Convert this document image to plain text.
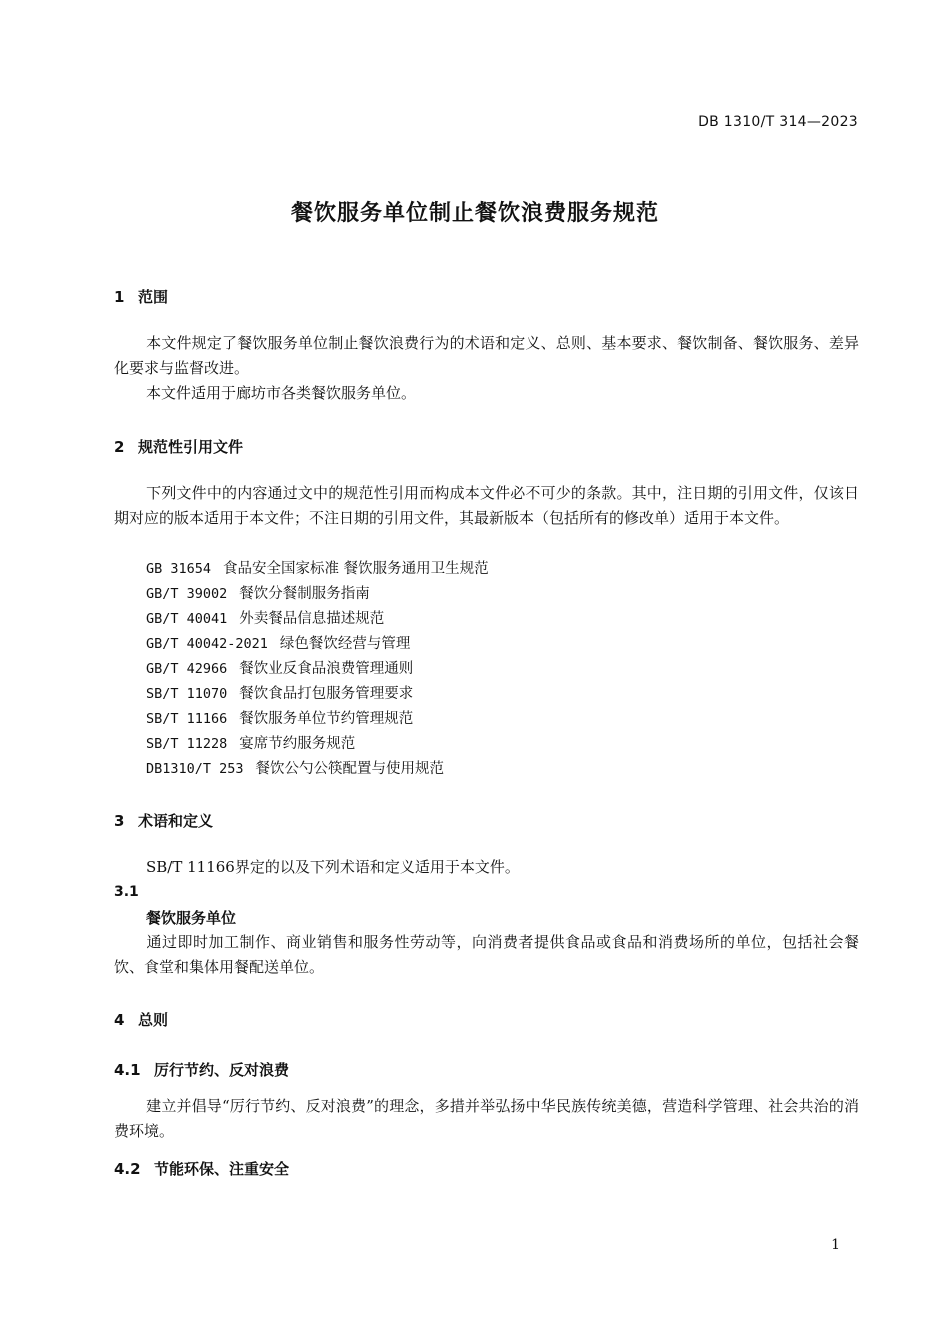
DB 1310/T 314—2023
餐饮服务单位制止餐饮浪费服务规范
1 范围
本文件规定了餐饮服务单位制止餐饮浪费行为的术语和定义、总则、基本要求、餐饮制备、餐饮服务、差异化要求与监督改进。
本文件适用于廊坊市各类餐饮服务单位。
2 规范性引用文件
下列文件中的内容通过文中的规范性引用而构成本文件必不可少的条款。其中，注日期的引用文件，仅该日期对应的版本适用于本文件；不注日期的引用文件，其最新版本（包括所有的修改单）适用于本文件。
GB 31654 食品安全国家标准 餐饮服务通用卫生规范
GB/T 39002 餐饮分餐制服务指南
GB/T 40041 外卖餐品信息描述规范
GB/T 40042-2021 绿色餐饮经营与管理
GB/T 42966 餐饮业反食品浪费管理通则
SB/T 11070 餐饮食品打包服务管理要求
SB/T 11166 餐饮服务单位节约管理规范
SB/T 11228 宴席节约服务规范
DB1310/T 253 餐饮公勺公筷配置与使用规范
3 术语和定义
SB/T 11166界定的以及下列术语和定义适用于本文件。
3.1
餐饮服务单位
通过即时加工制作、商业销售和服务性劳动等，向消费者提供食品或食品和消费场所的单位，包括社会餐饮、食堂和集体用餐配送单位。
4 总则
4.1 厉行节约、反对浪费
建立并倡导“厉行节约、反对浪费”的理念，多措并举弘扬中华民族传统美德，营造科学管理、社会共治的消费环境。
4.2 节能环保、注重安全
1
